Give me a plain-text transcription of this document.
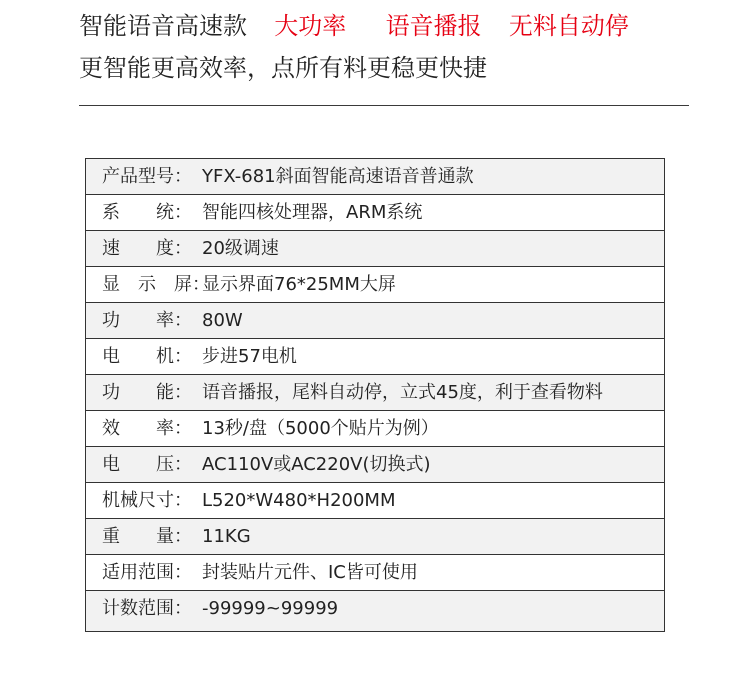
智能语音高速款 大功率 语音播报 无料自动停
更智能更高效率，点所有料更稳更快捷
产品型号： YFX-681斜面智能高速语音普通款
系　　统： 智能四核处理器，ARM系统
速　　度： 20级调速
显　示　屏：显示界面76*25MM大屏
功　　率： 80W
电　　机： 步进57电机
功　　能： 语音播报，尾料自动停，立式45度，利于查看物料
效　　率： 13秒/盘（5000个贴片为例）
电　　压： AC110V或AC220V(切换式)
机械尺寸： L520*W480*H200MM
重　　量： 11KG
适用范围： 封装贴片元件、IC皆可使用
计数范围： -99999~99999
